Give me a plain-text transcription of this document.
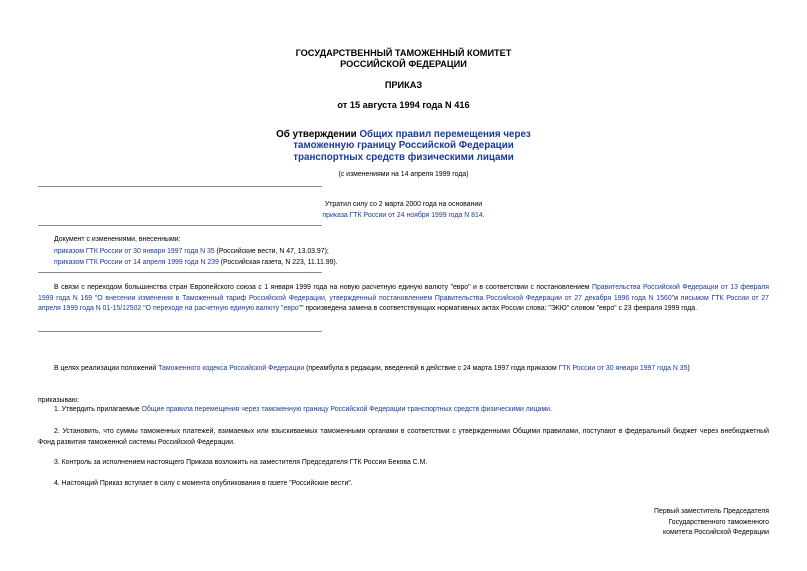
ГОСУДАРСТВЕННЫЙ ТАМОЖЕННЫЙ КОМИТЕТ
РОССИЙСКОЙ ФЕДЕРАЦИИ
ПРИКАЗ
от 15 августа 1994 года N 416
Об утверждении Общих правил перемещения через
таможенную границу Российской Федерации
транспортных средств физическими лицами
(с изменениями на 14 апреля 1999 года)
Утратил силу со 2 марта 2000 года на основании
приказа ГТК России от 24 ноября 1999 года N 814.
Документ с изменениями, внесенными:
приказом ГТК России от 30 января 1997 года N 35 (Российские вести, N 47, 13.03.97);
приказом ГТК России от 14 апреля 1999 года N 239 (Российская газета, N 223, 11.11.99).
В связи с переходом большинства стран Европейского союза с 1 января 1999 года на новую расчетную единую валюту "евро" и в соответствии с постановлением Правительства Российской Федерации от 13 февраля 1999 года N 169 "О внесении изменения в Таможенный тариф Российской Федерации, утвержденный постановлением Правительства Российской Федерации от 27 декабря 1996 года N 1560"и письмом ГТК России от 27 апреля 1999 года N 01-15/12502 "О переходе на расчетную единую валюту "евро"" произведена замена в соответствующих нормативных актах России слова: "ЭКЮ" словом "евро" с 23 февраля 1999 года.
В целях реализации положений Таможенного кодекса Российской Федерации (преамбула в редакции, введенной в действие с 24 марта 1997 года приказом ГТК России от 30 января 1997 года N 35)
приказываю:
1. Утвердить прилагаемые Общие правила перемещения через таможенную границу Российской Федерации транспортных средств физическими лицами.
2. Установить, что суммы таможенных платежей, взимаемых или взыскиваемых таможенными органами в соответствии с утвержденными Общими правилами, поступают в федеральный бюджет через внебюджетный Фонд развития таможенной системы Российской Федерации.
3. Контроль за исполнением настоящего Приказа возложить на заместителя Председателя ГТК России Бекова С.М.
4. Настоящий Приказ вступает в силу с момента опубликования в газете "Российские вести".
Первый заместитель Председателя
Государственного таможенного
комитета Российской Федерации
